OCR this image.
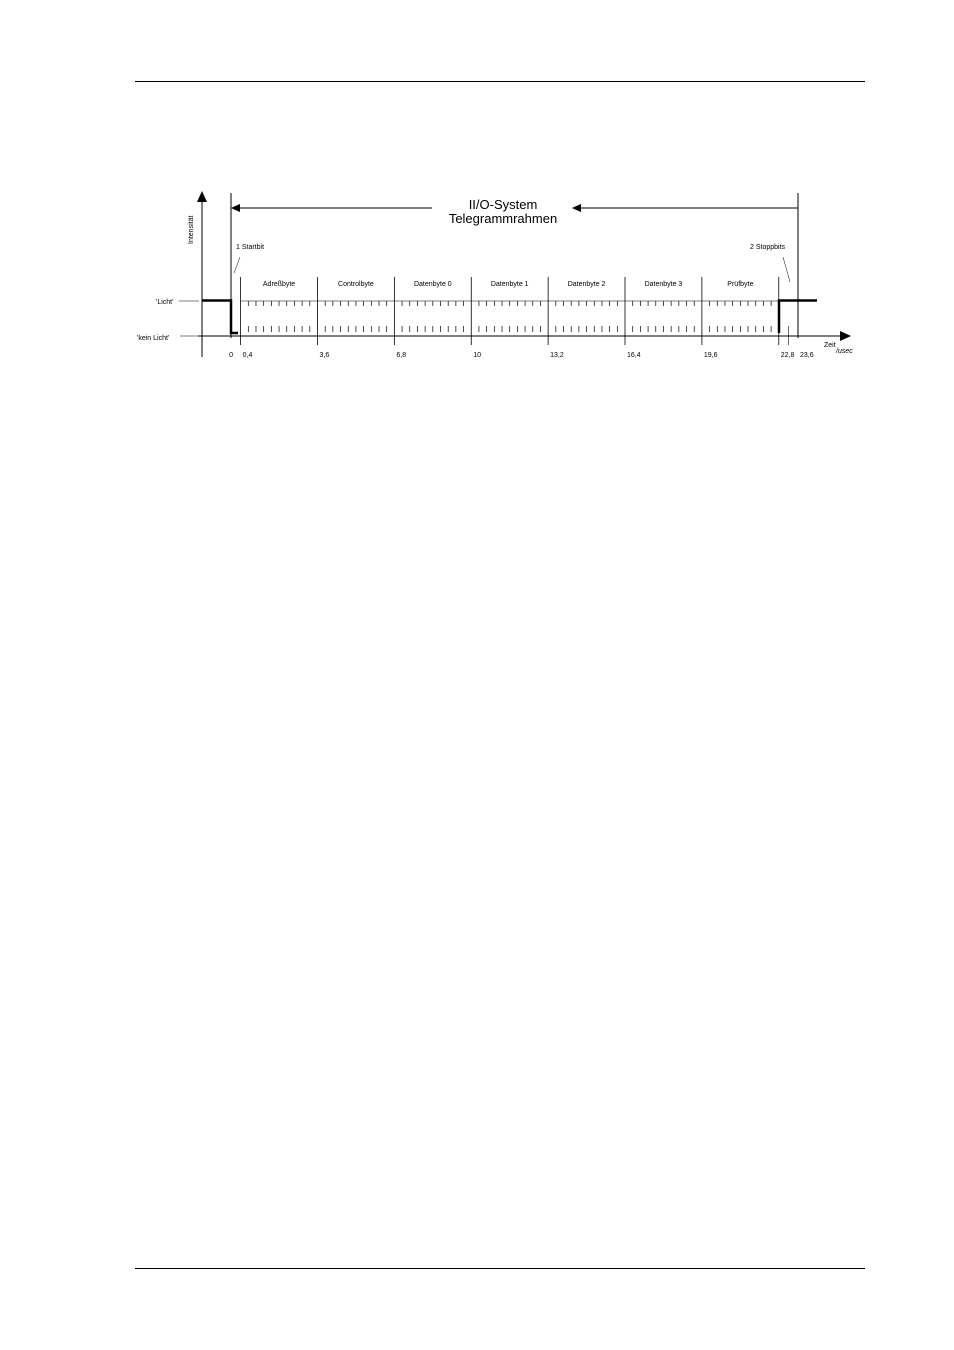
II/O-System
Telegrammrahmen
Intensität
Zeit
/usec
'Licht'
'kein Licht'
1 Startbit	2 Stoppbits
Adreßbyte	Controlbyte	Datenbyte 0	Datenbyte 1	Datenbyte 2	Datenbyte 3	Prüfbyte
0 0,4	3,6	6,8	10	13,2	16,4	19,6	22,8 23,6
